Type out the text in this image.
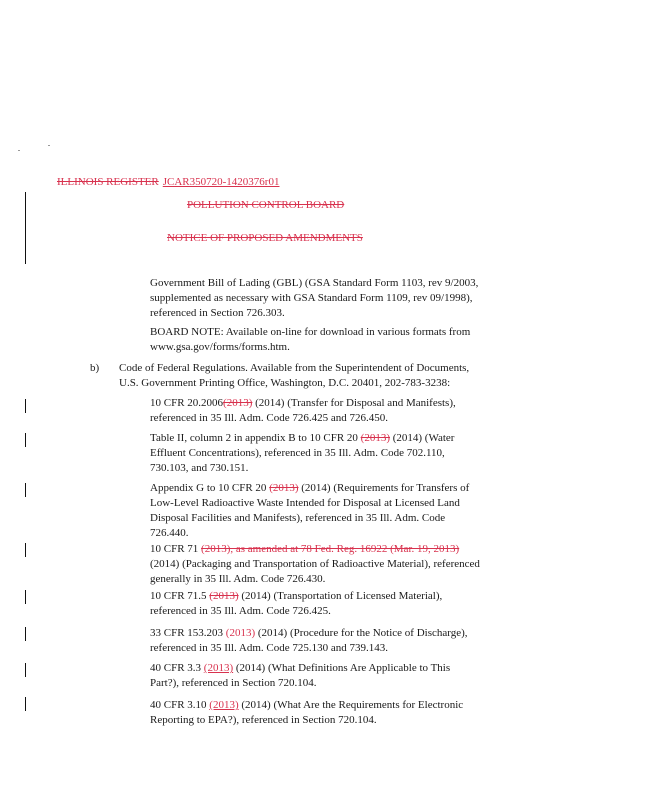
ILLINOIS REGISTER JCAR350720-1420376r01
POLLUTION CONTROL BOARD
NOTICE OF PROPOSED AMENDMENTS
Government Bill of Lading (GBL) (GSA Standard Form 1103, rev 9/2003,
supplemented as necessary with GSA Standard Form 1109, rev 09/1998),
referenced in Section 726.303.
BOARD NOTE: Available on-line for download in various formats from
www.gsa.gov/forms/forms.htm.
b) Code of Federal Regulations. Available from the Superintendent of Documents,
U.S. Government Printing Office, Washington, D.C. 20401, 202-783-3238:
10 CFR 20.2006(2013) (2014) (Transfer for Disposal and Manifests),
referenced in 35 Ill. Adm. Code 726.425 and 726.450.
Table II, column 2 in appendix B to 10 CFR 20 (2013) (2014) (Water
Effluent Concentrations), referenced in 35 Ill. Adm. Code 702.110,
730.103, and 730.151.
Appendix G to 10 CFR 20 (2013) (2014) (Requirements for Transfers of
Low-Level Radioactive Waste Intended for Disposal at Licensed Land
Disposal Facilities and Manifests), referenced in 35 Ill. Adm. Code
726.440.
10 CFR 71 (2013), as amended at 78 Fed. Reg. 16922 (Mar. 19, 2013)
(2014) (Packaging and Transportation of Radioactive Material), referenced
generally in 35 Ill. Adm. Code 726.430.
10 CFR 71.5 (2013) (2014) (Transportation of Licensed Material),
referenced in 35 Ill. Adm. Code 726.425.
33 CFR 153.203 (2013) (2014) (Procedure for the Notice of Discharge),
referenced in 35 Ill. Adm. Code 725.130 and 739.143.
40 CFR 3.3 (2013) (2014) (What Definitions Are Applicable to This
Part?), referenced in Section 720.104.
40 CFR 3.10 (2013) (2014) (What Are the Requirements for Electronic
Reporting to EPA?), referenced in Section 720.104.
